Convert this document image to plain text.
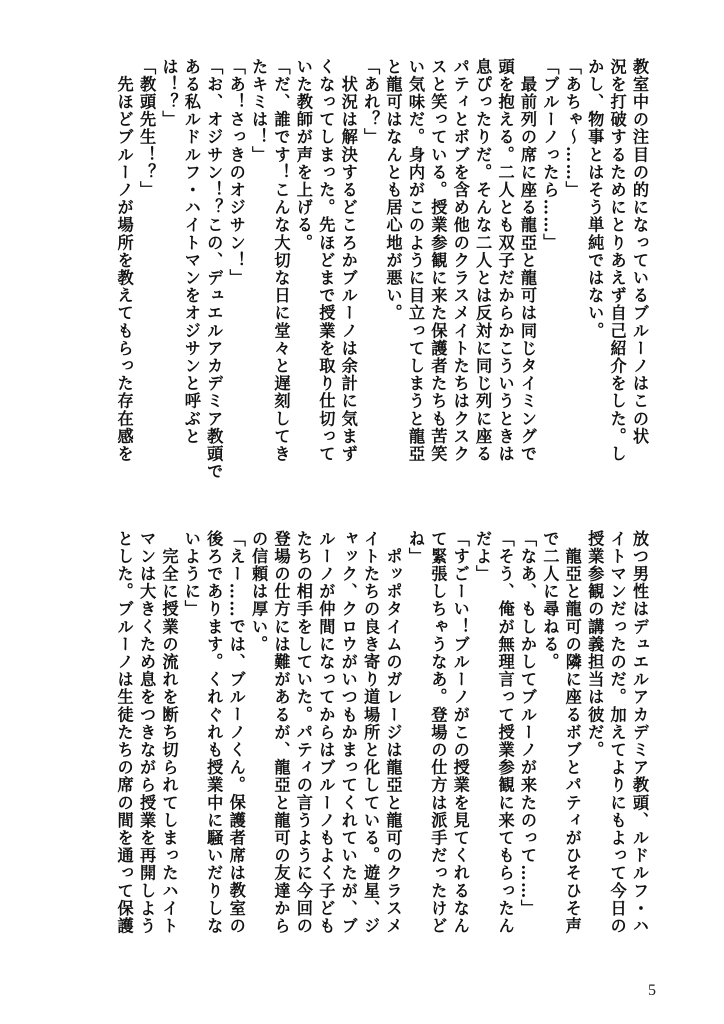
教室中の注目の的になっているブルーノはこの状
況を打破するためにとりあえず自己紹介をした。し
かし、物事とはそう単純ではない。
「あちゃ〜……」
「ブルーノったら……」
　最前列の席に座る龍亞と龍可は同じタイミングで
頭を抱える。二人とも双子だからかこういうときは
息ぴったりだ。そんな二人とは反対に同じ列に座る
パティとボブを含め他のクラスメイトたちはクスク
スと笑っている。授業参観に来た保護者たちも苦笑
い気味だ。身内がこのように目立ってしまうと龍亞
と龍可はなんとも居心地が悪い。
「あれ？」
　状況は解決するどころかブルーノは余計に気まず
くなってしまった。先ほどまで授業を取り仕切って
いた教師が声を上げる。
「だ、誰です！こんな大切な日に堂々と遅刻してき
たキミは！」
「あ！さっきのオジサン！」
「お、オジサン！？この、デュエルアカデミア教頭で
ある私ルドルフ・ハイトマンをオジサンと呼ぶと
は！？」
「教頭先生！？」
　先ほどブルーノが場所を教えてもらった存在感を
放つ男性はデュエルアカデミア教頭、ルドルフ・ハ
イトマンだったのだ。加えてよりにもよって今日の
授業参観の講義担当は彼だ。
　龍亞と龍可の隣に座るボブとパティがひそひそ声
で二人に尋ねる。
「なあ、もしかしてブルーノが来たのって……」
「そう、俺が無理言って授業参観に来てもらったん
だよ」
「すごーい！ブルーノがこの授業を見てくれるなん
て緊張しちゃうなあ。登場の仕方は派手だったけど
ね」
　ポッポタイムのガレージは龍亞と龍可のクラスメ
イトたちの良き寄り道場所と化している。遊星、ジ
ャック、クロウがいつもかまってくれていたが、ブ
ルーノが仲間になってからはブルーノもよく子ども
たちの相手をしていた。パティの言うように今回の
登場の仕方には難があるが、龍亞と龍可の友達から
の信頼は厚い。
「えー……では、ブルーノくん。保護者席は教室の
後ろであります。くれぐれも授業中に騒いだりしな
いように」
　完全に授業の流れを断ち切られてしまったハイト
マンは大きくため息をつきながら授業を再開しよう
とした。ブルーノは生徒たちの席の間を通って保護
5
